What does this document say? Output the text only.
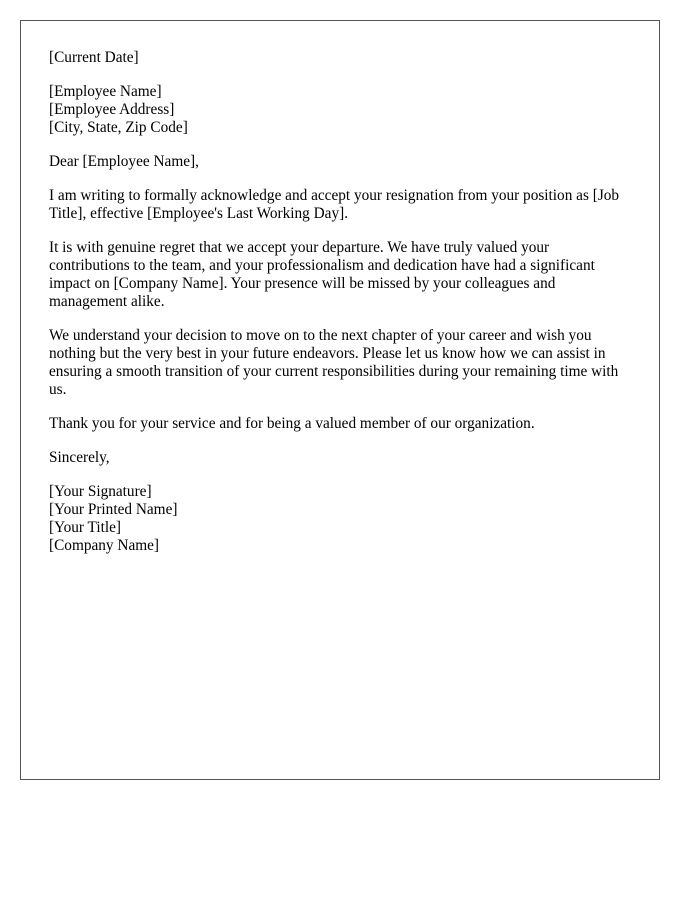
[Current Date]
[Employee Name]
[Employee Address]
[City, State, Zip Code]
Dear [Employee Name],

I am writing to formally acknowledge and accept your resignation from your position as [Job Title], effective [Employee's Last Working Day].

It is with genuine regret that we accept your departure. We have truly valued your contributions to the team, and your professionalism and dedication have had a significant impact on [Company Name]. Your presence will be missed by your colleagues and management alike.

We understand your decision to move on to the next chapter of your career and wish you nothing but the very best in your future endeavors. Please let us know how we can assist in ensuring a smooth transition of your current responsibilities during your remaining time with us.

Thank you for your service and for being a valued member of our organization.

Sincerely,
[Your Signature]
[Your Printed Name]
[Your Title]
[Company Name]
